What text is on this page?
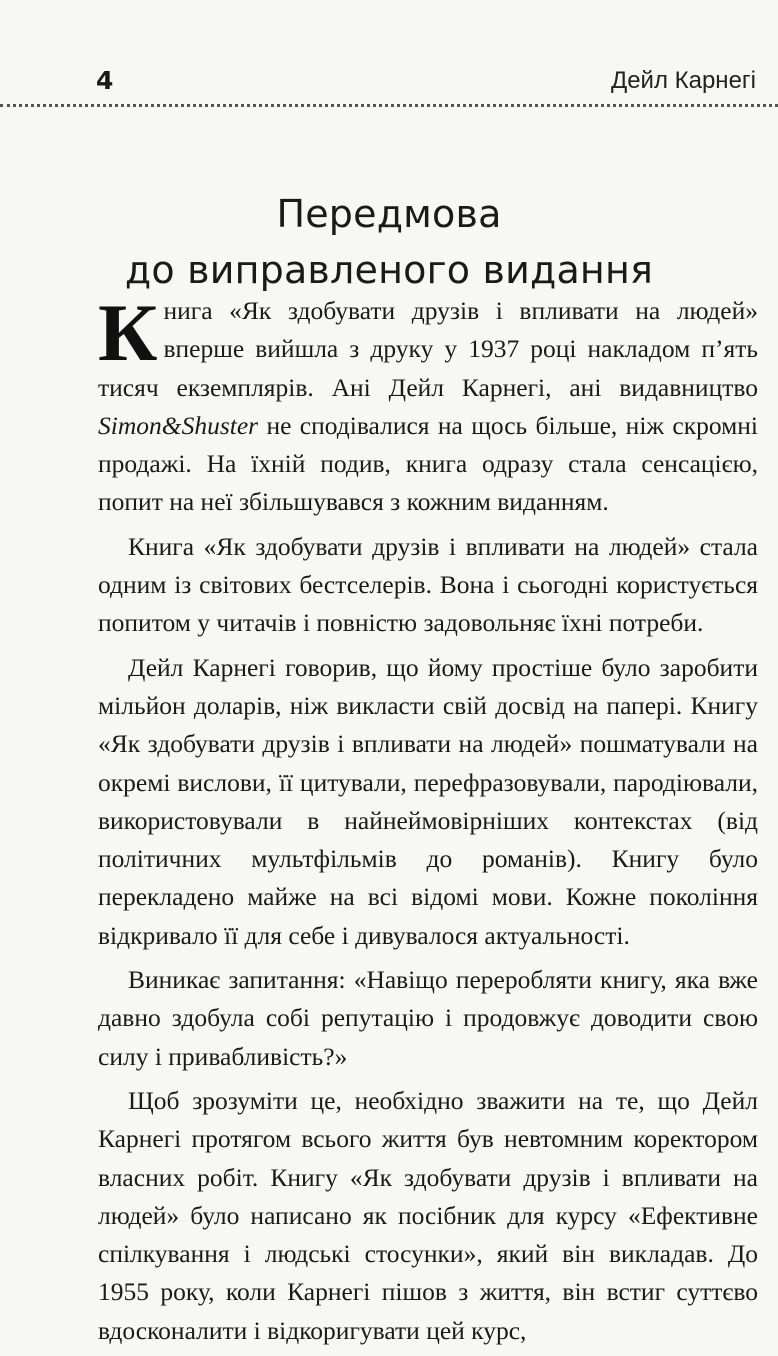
4	Дейл Карнегі
Передмова
до виправленого видання

Книга «Як здобувати друзів і впливати на людей» вперше вийшла з друку у 1937 році накладом п’ять тисяч екземплярів. Ані Дейл Карнегі, ані видавництво Simon&Shuster не сподівалися на щось більше, ніж скромні продажі. На їхній подив, книга одразу стала сенсацією, попит на неї збільшувався з кожним виданням.

Книга «Як здобувати друзів і впливати на людей» стала одним із світових бестселерів. Вона і сьогодні користується попитом у читачів і повністю задовольняє їхні потреби.

Дейл Карнегі говорив, що йому простіше було заробити мільйон доларів, ніж викласти свій досвід на папері. Книгу «Як здобувати друзів і впливати на людей» пошматували на окремі вислови, її цитували, перефразовували, пародіювали, використовували в найнеймовірніших контекстах (від політичних мультфільмів до романів). Книгу було перекладено майже на всі відомі мови. Кожне покоління відкривало її для себе і дивувалося актуальності.

Виникає запитання: «Навіщо переробляти книгу, яка вже давно здобула собі репутацію і продовжує доводити свою силу і привабливість?»

Щоб зрозуміти це, необхідно зважити на те, що Дейл Карнегі протягом всього життя був невтомним коректором власних робіт. Книгу «Як здобувати друзів і впливати на людей» було написано як посібник для курсу «Ефективне спілкування і людські стосунки», який він викладав. До 1955 року, коли Карнегі пішов з життя, він встиг суттєво вдосконалити і відкоригувати цей курс,
